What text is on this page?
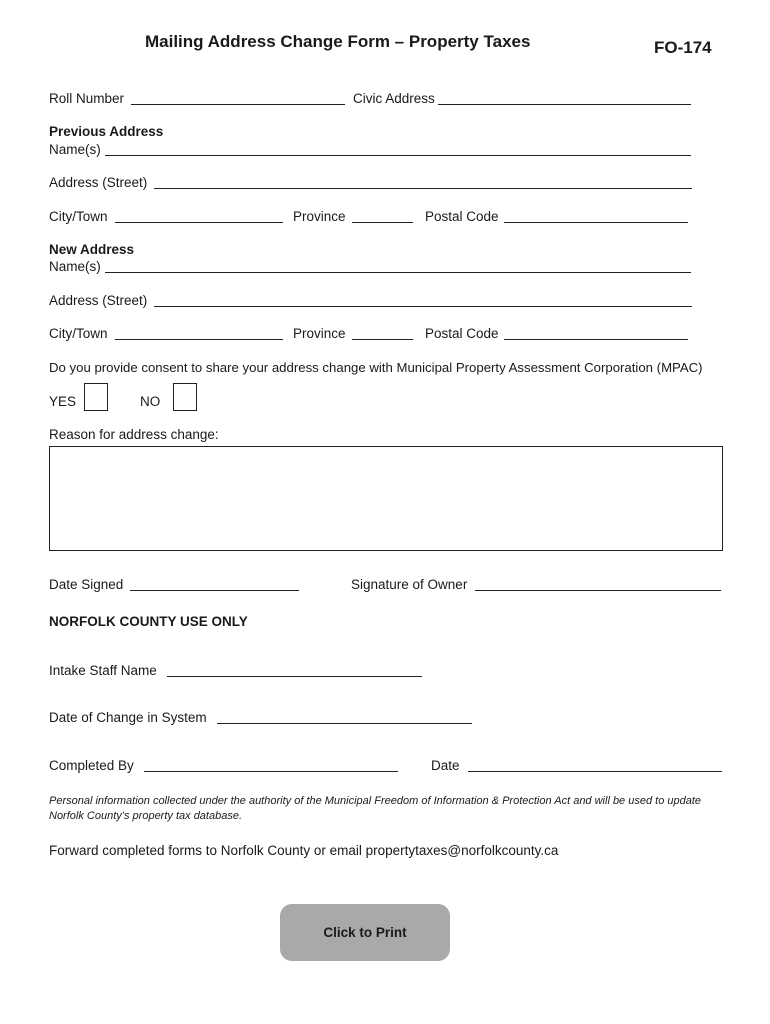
Mailing Address Change Form – Property Taxes	FO-174
Roll Number	Civic Address
Previous Address
Name(s)
Address (Street)
City/Town	Province	Postal Code
New Address
Name(s)
Address (Street)
City/Town	Province	Postal Code
Do you provide consent to share your address change with Municipal Property Assessment Corporation (MPAC)
YES	NO
Reason for address change:
Date Signed	Signature of Owner
NORFOLK COUNTY USE ONLY
Intake Staff Name
Date of Change in System
Completed By	Date
Personal information collected under the authority of the Municipal Freedom of Information & Protection Act and will be used to update Norfolk County’s property tax database.
Forward completed forms to Norfolk County or email propertytaxes@norfolkcounty.ca
Click to Print
